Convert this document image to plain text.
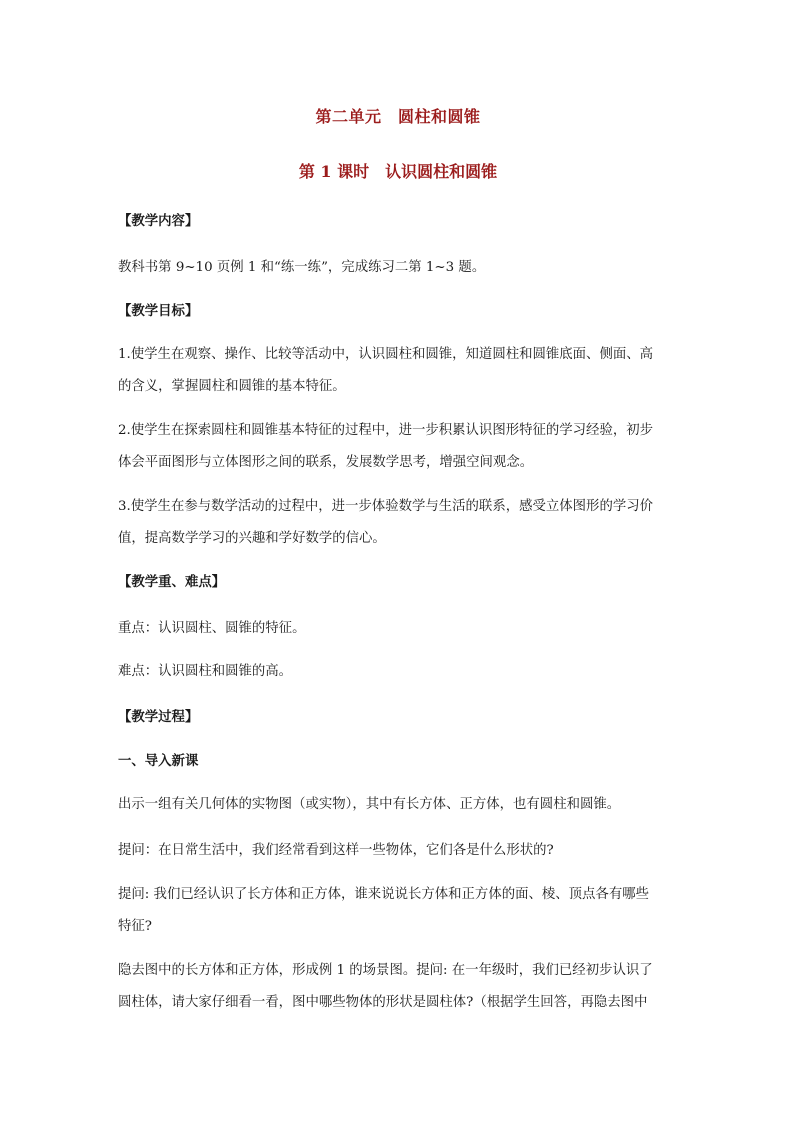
第二单元　圆柱和圆锥
第 1 课时　认识圆柱和圆锥
【教学内容】
教科书第 9~10 页例 1 和“练一练”，完成练习二第 1~3 题。
【教学目标】
1.使学生在观察、操作、比较等活动中，认识圆柱和圆锥，知道圆柱和圆锥底面、侧面、高
的含义，掌握圆柱和圆锥的基本特征。
2.使学生在探索圆柱和圆锥基本特征的过程中，进一步积累认识图形特征的学习经验，初步
体会平面图形与立体图形之间的联系，发展数学思考，增强空间观念。
3.使学生在参与数学活动的过程中，进一步体验数学与生活的联系，感受立体图形的学习价
值，提高数学学习的兴趣和学好数学的信心。
【教学重、难点】
重点：认识圆柱、圆锥的特征。
难点：认识圆柱和圆锥的高。
【教学过程】
一、导入新课
出示一组有关几何体的实物图（或实物），其中有长方体、正方体，也有圆柱和圆锥。
提问：在日常生活中，我们经常看到这样一些物体，它们各是什么形状的?
提问: 我们已经认识了长方体和正方体，谁来说说长方体和正方体的面、棱、顶点各有哪些
特征?
隐去图中的长方体和正方体，形成例 1 的场景图。提问: 在一年级时，我们已经初步认识了
圆柱体，请大家仔细看一看，图中哪些物体的形状是圆柱体?（根据学生回答，再隐去图中
